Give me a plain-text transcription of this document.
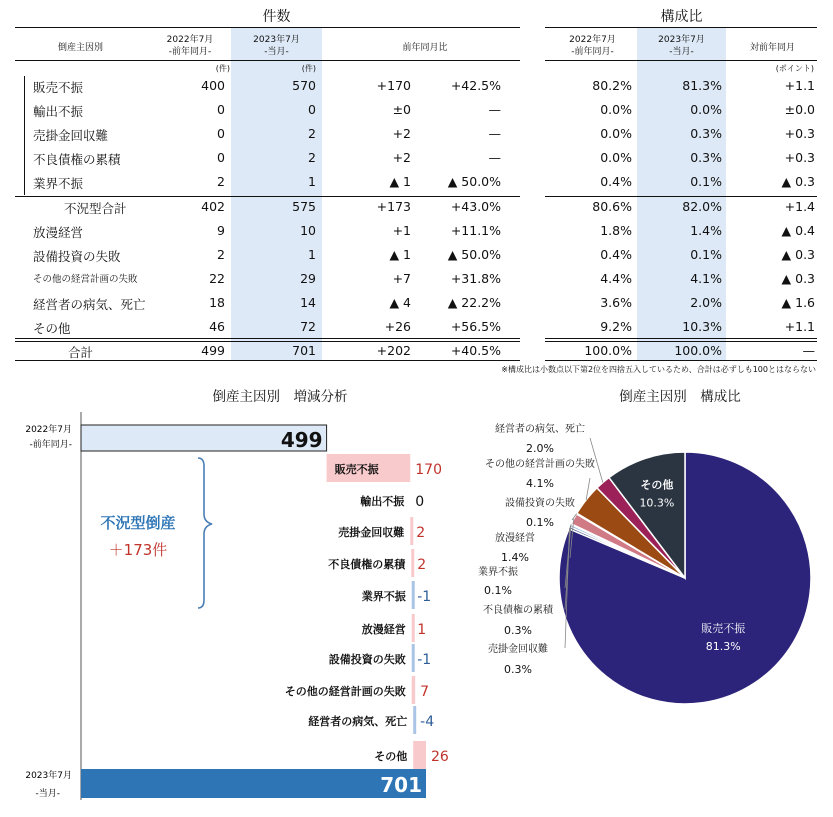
件数
倒産主因別
2022年7月
-前年同月-
2023年7月
-当月-	前年同月比
(件)	(件)
販売不振	400	570	+170	+42.5%
輸出不振	0	0	±0	—
売掛金回収難	0	2	+2	—
不良債権の累積	0	2	+2	—
業界不振	2	1	▲ 1	▲ 50.0%
不況型合計	402	575	+173	+43.0%
放漫経営	9	10	+1	+11.1%
設備投資の失敗	2	1	▲ 1	▲ 50.0%
その他の経営計画の失敗	22	29	+7	+31.8%
経営者の病気、死亡	18	14	▲ 4	▲ 22.2%
その他	46	72	+26	+56.5%
合計	499	701	+202	+40.5%
構成比
2022年7月
-前年同月-
2023年7月
-当月-	対前年同月
(ポイント)
80.2%	81.3%	+1.1
0.0%	0.0%	±0.0
0.0%	0.3%	+0.3
0.0%	0.3%	+0.3
0.4%	0.1%	▲ 0.3
80.6%	82.0%	+1.4
1.8%	1.4%	▲ 0.4
0.4%	0.1%	▲ 0.3
4.4%	4.1%	▲ 0.3
3.6%	2.0%	▲ 1.6
9.2%	10.3%	+1.1
100.0%	100.0%	—
※構成比は小数点以下第2位を四捨五入しているため、合計は必ずしも100とはならない
倒産主因別　増減分析
499
2022年7月
-前年同月-
販売不振	170
輸出不振 0
売掛金回収難 2
不良債権の累積 2
業界不振 -1
放漫経営 1
設備投資の失敗 -1
その他の経営計画の失敗 7
経営者の病気、死亡 -4
その他 26
701
2023年7月
-当月-
不況型倒産
＋173件
倒産主因別　構成比
販売不振
81.3%
その他
10.3%
経営者の病気、死亡
2.0%
その他の経営計画の失敗
4.1%
設備投資の失敗
0.1%
放漫経営
1.4%
業界不振
0.1%
不良債権の累積
0.3%
売掛金回収難
0.3%
